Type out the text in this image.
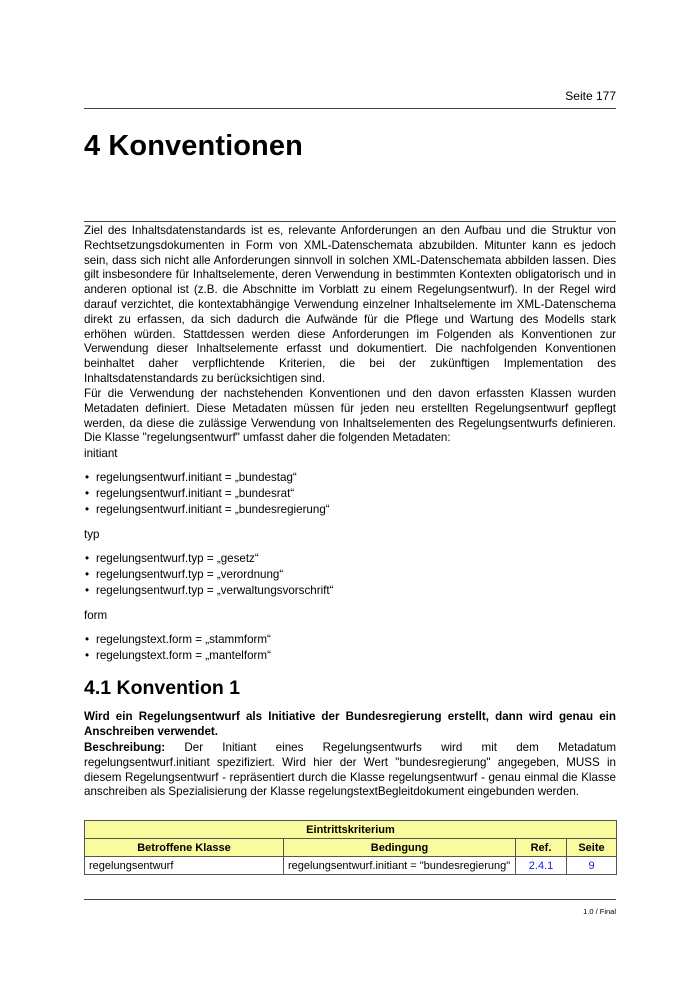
Seite 177
4 Konventionen

Ziel des Inhaltsdatenstandards ist es, relevante Anforderungen an den Aufbau und die Struktur von Rechtsetzungsdokumenten in Form von XML-Datenschemata abzubilden. Mitunter kann es jedoch sein, dass sich nicht alle Anforderungen sinnvoll in solchen XML-Datenschemata abbilden lassen. Dies gilt insbesondere für Inhaltselemente, deren Verwendung in bestimmten Kontexten obligatorisch und in anderen optional ist (z.B. die Abschnitte im Vorblatt zu einem Regelungsentwurf). In der Regel wird darauf verzichtet, die kontextabhängige Verwendung einzelner Inhaltselemente im XML-Datenschema direkt zu erfassen, da sich dadurch die Aufwände für die Pflege und Wartung des Modells stark erhöhen würden. Stattdessen werden diese Anforderungen im Folgenden als Konventionen zur Verwendung dieser Inhaltselemente erfasst und dokumentiert. Die nachfolgenden Konventionen beinhaltet daher verpflichtende Kriterien, die bei der zukünftigen Implementation des Inhaltsdatenstandards zu berücksichtigen sind.

Für die Verwendung der nachstehenden Konventionen und den davon erfassten Klassen wurden Metadaten definiert. Diese Metadaten müssen für jeden neu erstellten Regelungsentwurf gepflegt werden, da diese die zulässige Verwendung von Inhaltselementen des Regelungsentwurfs definieren. Die Klasse "regelungsentwurf" umfasst daher die folgenden Metadaten:

initiant
• regelungsentwurf.initiant = „bundestag“
• regelungsentwurf.initiant = „bundesrat“
• regelungsentwurf.initiant = „bundesregierung“
typ
• regelungsentwurf.typ = „gesetz“
• regelungsentwurf.typ = „verordnung“
• regelungsentwurf.typ = „verwaltungsvorschrift“
form
• regelungstext.form = „stammform“
• regelungstext.form = „mantelform“
4.1 Konvention 1

Wird ein Regelungsentwurf als Initiative der Bundesregierung erstellt, dann wird genau ein Anschreiben verwendet.

Beschreibung: Der Initiant eines Regelungsentwurfs wird mit dem Metadatum regelungsentwurf.initiant spezifiziert. Wird hier der Wert "bundesregierung" angegeben, MUSS in diesem Regelungsentwurf - repräsentiert durch die Klasse regelungsentwurf - genau einmal die Klasse anschreiben als Spezialisierung der Klasse regelungstextBegleitdokument eingebunden werden.

Eintrittskriterium			
Betroffene Klasse	Bedingung	Ref.	Seite
regelungsentwurf	regelungsentwurf.initiant = "bundesregierung"	2.4.1	9
1.0 / Final
